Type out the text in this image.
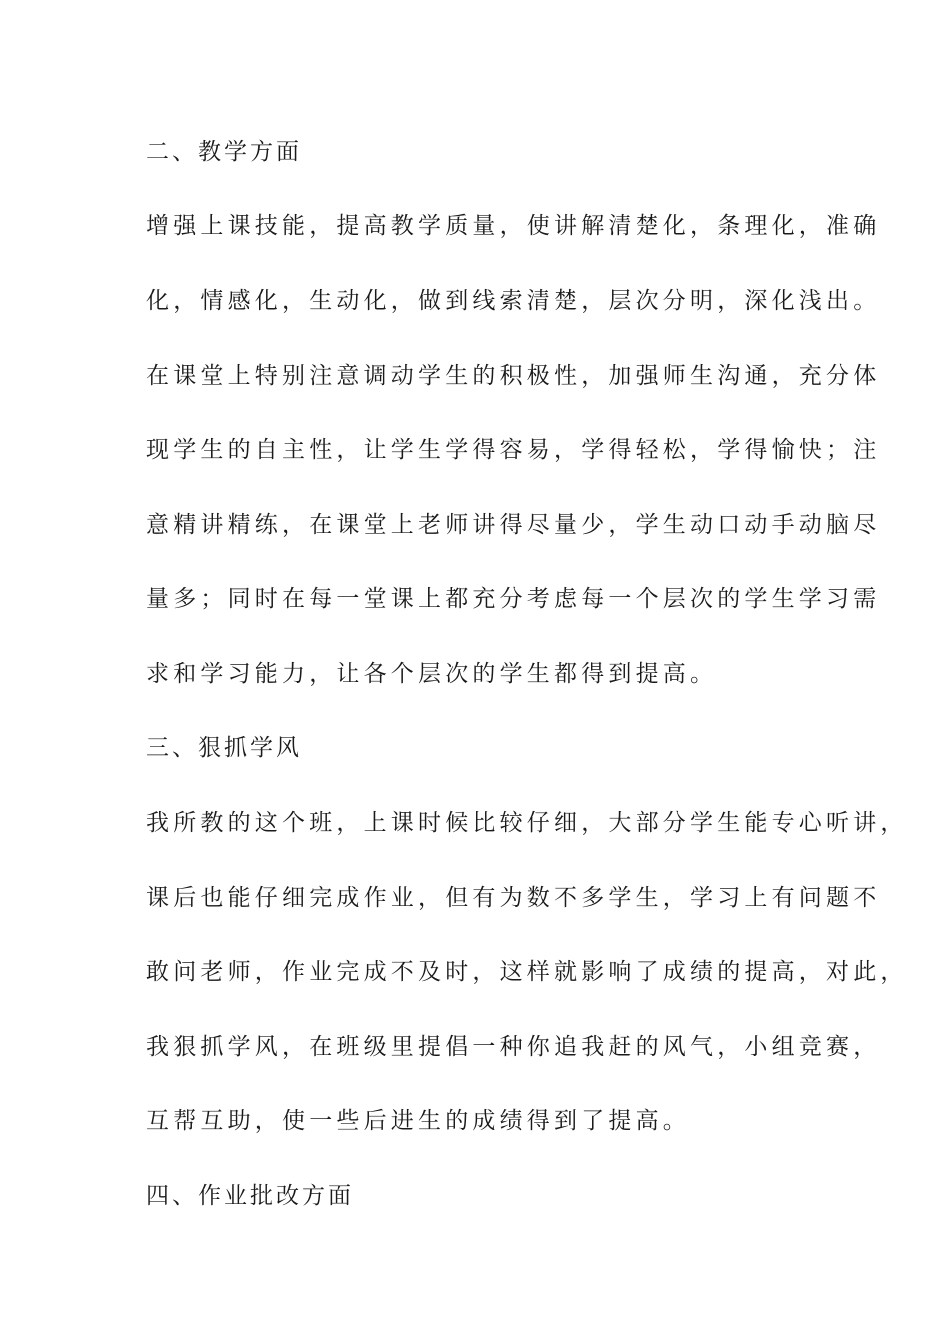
二、教学方面
增强上课技能，提高教学质量，使讲解清楚化，条理化，准确
化，情感化，生动化，做到线索清楚，层次分明，深化浅出。
在课堂上特别注意调动学生的积极性，加强师生沟通，充分体
现学生的自主性，让学生学得容易，学得轻松，学得愉快；注
意精讲精练，在课堂上老师讲得尽量少，学生动口动手动脑尽
量多；同时在每一堂课上都充分考虑每一个层次的学生学习需
求和学习能力，让各个层次的学生都得到提高。
三、狠抓学风
我所教的这个班，上课时候比较仔细，大部分学生能专心听讲，
课后也能仔细完成作业，但有为数不多学生，学习上有问题不
敢问老师，作业完成不及时，这样就影响了成绩的提高，对此，
我狠抓学风，在班级里提倡一种你追我赶的风气，小组竞赛，
互帮互助，使一些后进生的成绩得到了提高。
四、作业批改方面
